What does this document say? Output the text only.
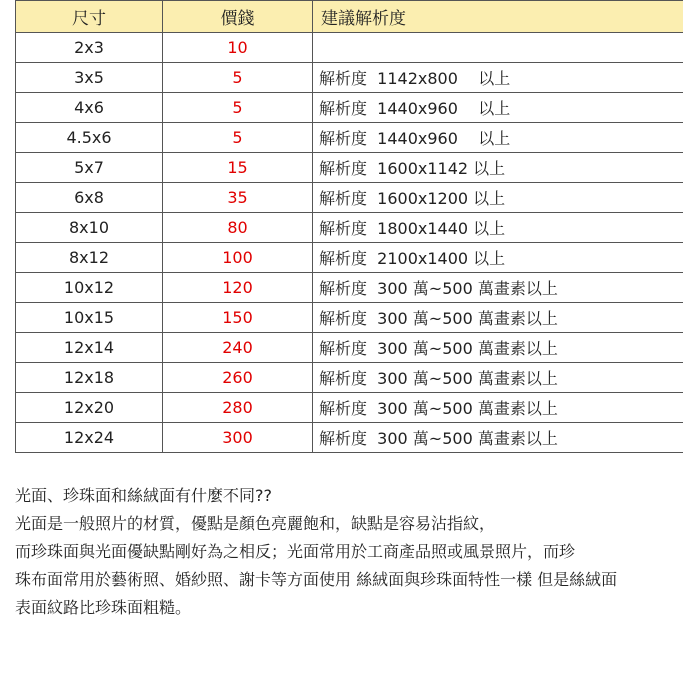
尺寸	價錢	建議解析度
2x3	10	
3x5	5	解析度  1142x800    以上
4x6	5	解析度  1440x960    以上
4.5x6	5	解析度  1440x960    以上
5x7	15	解析度  1600x1142 以上
6x8	35	解析度  1600x1200 以上
8x10	80	解析度  1800x1440 以上
8x12	100	解析度  2100x1400 以上
10x12	120	解析度  300 萬~500 萬畫素以上
10x15	150	解析度  300 萬~500 萬畫素以上
12x14	240	解析度  300 萬~500 萬畫素以上
12x18	260	解析度  300 萬~500 萬畫素以上
12x20	280	解析度  300 萬~500 萬畫素以上
12x24	300	解析度  300 萬~500 萬畫素以上

光面、珍珠面和絲絨面有什麼不同??

光面是一般照片的材質，優點是顏色亮麗飽和，缺點是容易沾指紋，

而珍珠面與光面優缺點剛好為之相反；光面常用於工商產品照或風景照片，而珍

珠布面常用於藝術照、婚紗照、謝卡等方面使用 絲絨面與珍珠面特性一樣 但是絲絨面

表面紋路比珍珠面粗糙。
